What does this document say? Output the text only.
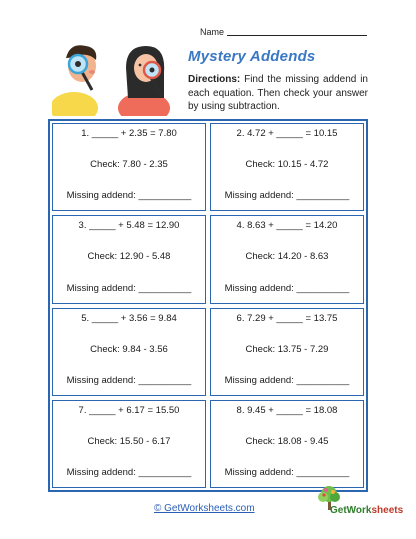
Name
Mystery Addends
Directions: Find the missing addend in each equation. Then check your answer by using subtraction.
1. _____ + 2.35 = 7.80
Check: 7.80 - 2.35
Missing addend: __________
2. 4.72 + _____ = 10.15
Check: 10.15 - 4.72
Missing addend: __________
3. _____ + 5.48 = 12.90
Check: 12.90 - 5.48
Missing addend: __________
4. 8.63 + _____ = 14.20
Check: 14.20 - 8.63
Missing addend: __________
5. _____ + 3.56 = 9.84
Check: 9.84 - 3.56
Missing addend: __________
6. 7.29 + _____ = 13.75
Check: 13.75 - 7.29
Missing addend: __________
7. _____ + 6.17 = 15.50
Check: 15.50 - 6.17
Missing addend: __________
8. 9.45 + _____ = 18.08
Check: 18.08 - 9.45
Missing addend: __________
© GetWorksheets.com	GetWorksheets
